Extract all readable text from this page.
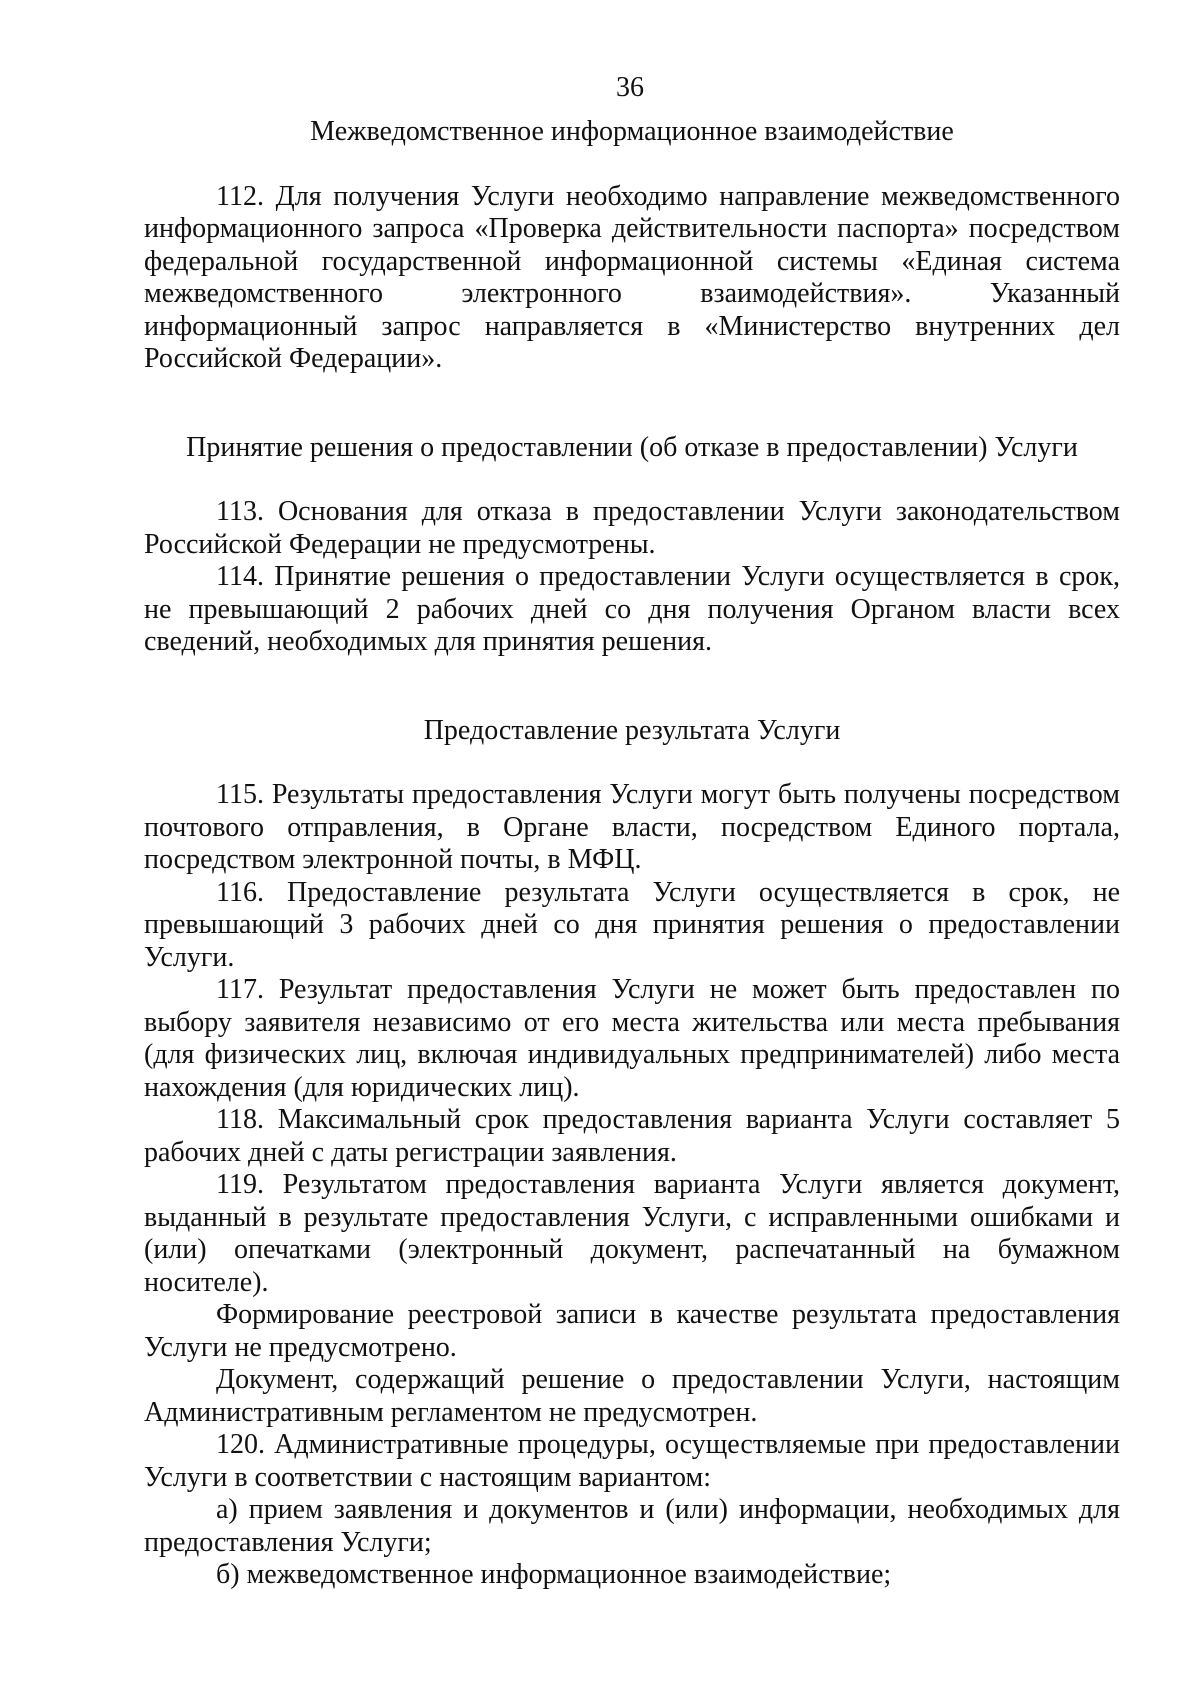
36
Межведомственное информационное взаимодействие

112. Для получения Услуги необходимо направление межведомственного информационного запроса «Проверка действительности паспорта» посредством федеральной государственной информационной системы «Единая система межведомственного электронного взаимодействия». Указанный информационный запрос направляется в «Министерство внутренних дел Российской Федерации».

Принятие решения о предоставлении (об отказе в предоставлении) Услуги

113. Основания для отказа в предоставлении Услуги законодательством Российской Федерации не предусмотрены.

114. Принятие решения о предоставлении Услуги осуществляется в срок, не превышающий 2 рабочих дней со дня получения Органом власти всех сведений, необходимых для принятия решения.

Предоставление результата Услуги

115. Результаты предоставления Услуги могут быть получены посредством почтового отправления, в Органе власти, посредством Единого портала, посредством электронной почты, в МФЦ.

116. Предоставление результата Услуги осуществляется в срок, не превышающий 3 рабочих дней со дня принятия решения о предоставлении Услуги.

117. Результат предоставления Услуги не может быть предоставлен по выбору заявителя независимо от его места жительства или места пребывания (для физических лиц, включая индивидуальных предпринимателей) либо места нахождения (для юридических лиц).

118. Максимальный срок предоставления варианта Услуги составляет 5 рабочих дней с даты регистрации заявления.

119. Результатом предоставления варианта Услуги является документ, выданный в результате предоставления Услуги, с исправленными ошибками и (или) опечатками (электронный документ, распечатанный на бумажном носителе).

Формирование реестровой записи в качестве результата предоставления Услуги не предусмотрено.

Документ, содержащий решение о предоставлении Услуги, настоящим Административным регламентом не предусмотрен.

120. Административные процедуры, осуществляемые при предоставлении Услуги в соответствии с настоящим вариантом:

а) прием заявления и документов и (или) информации, необходимых для предоставления Услуги;

б) межведомственное информационное взаимодействие;
